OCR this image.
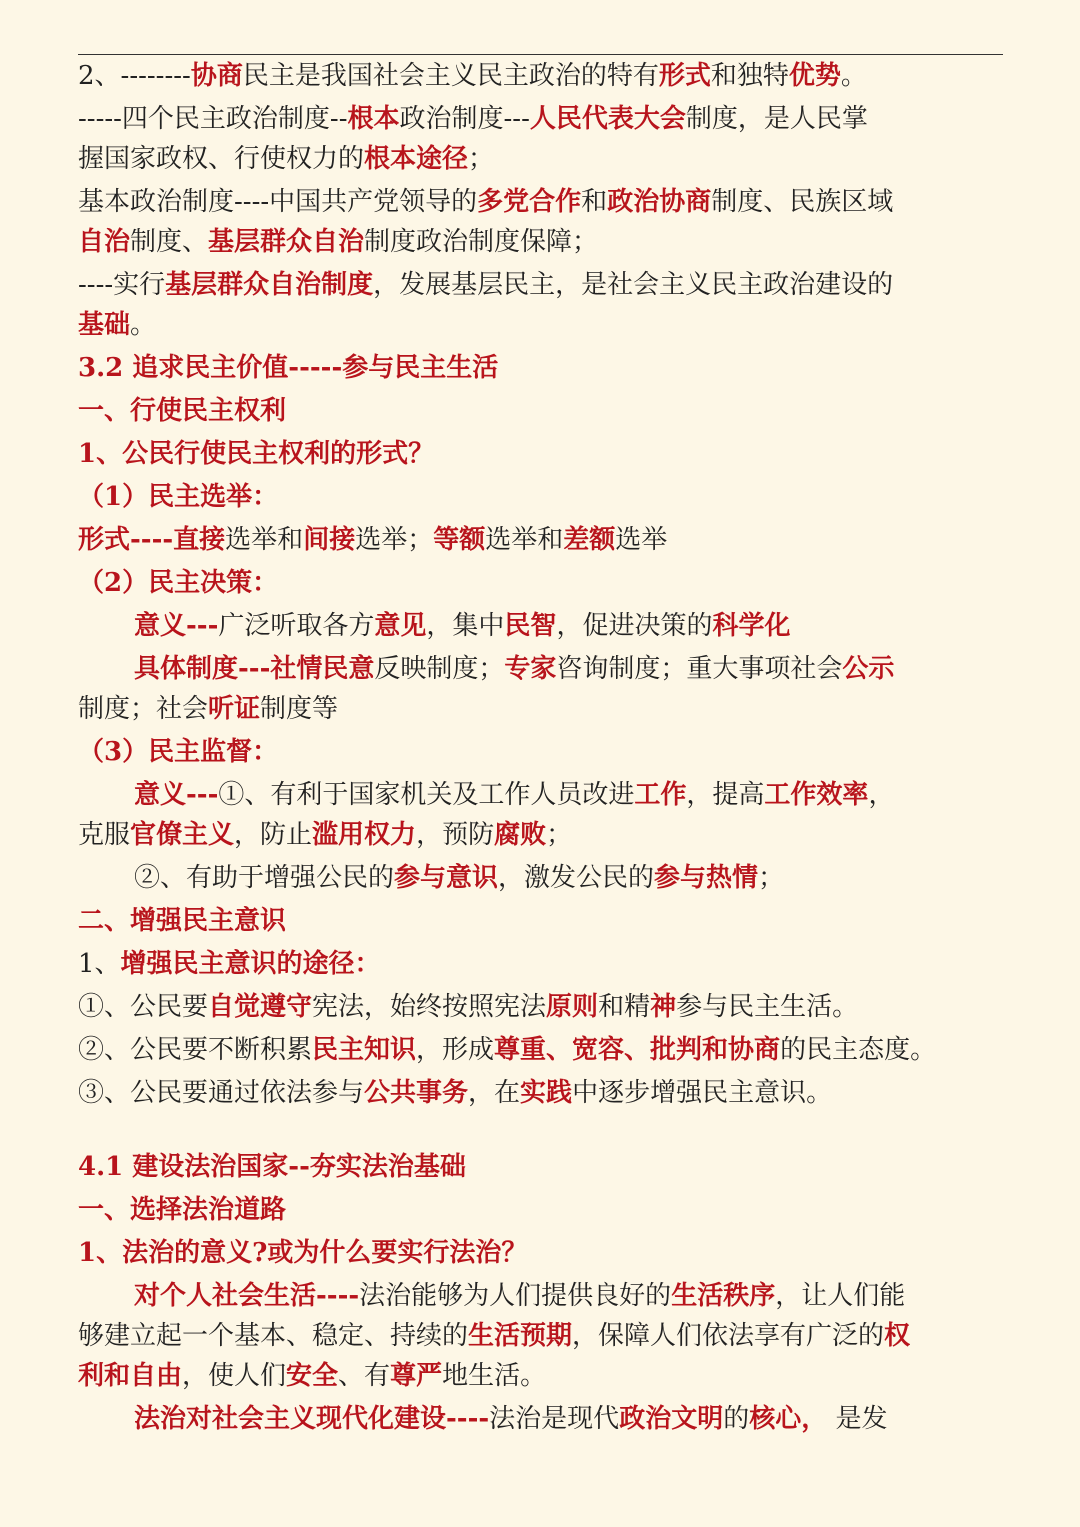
2、--------协商民主是我国社会主义民主政治的特有形式和独特优势。
-----四个民主政治制度--根本政治制度---人民代表大会制度，是人民掌
握国家政权、行使权力的根本途径；
基本政治制度----中国共产党领导的多党合作和政治协商制度、民族区域
自治制度、基层群众自治制度政治制度保障；
----实行基层群众自治制度，发展基层民主，是社会主义民主政治建设的
基础。
3.2 追求民主价值-----参与民主生活
一、行使民主权利
1、公民行使民主权利的形式？
（1）民主选举：
形式----直接选举和间接选举；等额选举和差额选举
（2）民主决策：
意义---广泛听取各方意见，集中民智，促进决策的科学化
具体制度---社情民意反映制度；专家咨询制度；重大事项社会公示
制度；社会听证制度等
（3）民主监督：
意义---①、有利于国家机关及工作人员改进工作，提高工作效率，
克服官僚主义，防止滥用权力，预防腐败；
②、有助于增强公民的参与意识，激发公民的参与热情；
二、增强民主意识
1、增强民主意识的途径：
①、公民要自觉遵守宪法，始终按照宪法原则和精神参与民主生活。
②、公民要不断积累民主知识，形成尊重、宽容、批判和协商的民主态度。
③、公民要通过依法参与公共事务，在实践中逐步增强民主意识。
4.1 建设法治国家--夯实法治基础
一、选择法治道路
1、法治的意义?或为什么要实行法治？
对个人社会生活----法治能够为人们提供良好的生活秩序，让人们能
够建立起一个基本、稳定、持续的生活预期，保障人们依法享有广泛的权
利和自由，使人们安全、有尊严地生活。
法治对社会主义现代化建设----法治是现代政治文明的核心， 是发
